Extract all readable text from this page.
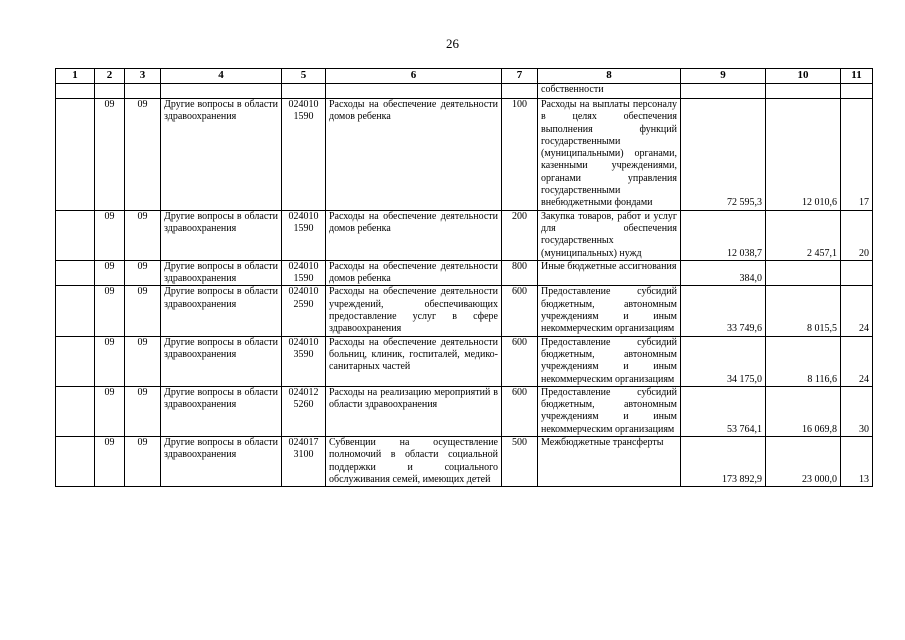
26
1	2	3	4	5	6	7	8	9	10	11
							собственности			
	09	09	Другие вопросы в области здравоохранения	024010 1590	Расходы на обеспечение деятельности домов ребенка	100	Расходы на выплаты персоналу в целях обеспечения выполнения функций государственными (муниципальными) органами, казенными учреждениями, органами управления государственными внебюджетными фондами	72 595,3	12 010,6	17
	09	09	Другие вопросы в области здравоохранения	024010 1590	Расходы на обеспечение деятельности домов ребенка	200	Закупка товаров, работ и услуг для обеспечения государственных (муниципальных) нужд	12 038,7	2 457,1	20
	09	09	Другие вопросы в области здравоохранения	024010 1590	Расходы на обеспечение деятельности домов ребенка	800	Иные бюджетные ассигнования	384,0		
	09	09	Другие вопросы в области здравоохранения	024010 2590	Расходы на обеспечение деятельности учреждений, обеспечивающих предоставление услуг в сфере здравоохранения	600	Предоставление субсидий бюджетным, автономным учреждениям и иным некоммерческим организациям	33 749,6	8 015,5	24
	09	09	Другие вопросы в области здравоохранения	024010 3590	Расходы на обеспечение деятельности больниц, клиник, госпиталей, медико-санитарных частей	600	Предоставление субсидий бюджетным, автономным учреждениям и иным некоммерческим организациям	34 175,0	8 116,6	24
	09	09	Другие вопросы в области здравоохранения	024012 5260	Расходы на реализацию мероприятий в области здравоохранения	600	Предоставление субсидий бюджетным, автономным учреждениям и иным некоммерческим организациям	53 764,1	16 069,8	30
	09	09	Другие вопросы в области здравоохранения	024017 3100	Субвенции на осуществление полномочий в области социальной поддержки и социального обслуживания семей, имеющих детей	500	Межбюджетные трансферты	173 892,9	23 000,0	13
